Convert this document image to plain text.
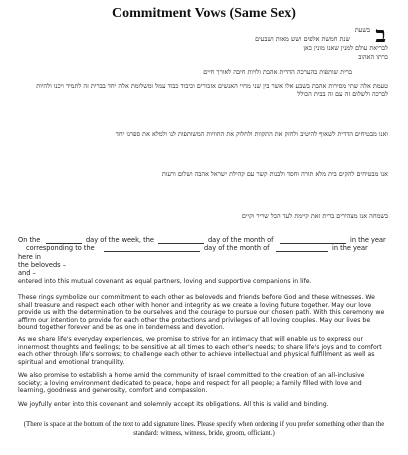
Commitment Vows (Same Sex)
ב
בשעת
שנת חמשת אלפים ושש מאות ושבעים
לבריאת עולם למנין שאנו מונין כאן
כרתו האהוב
ברית שותפות בהערכה הדדית אהבת ולויות חיבה לאורך חיים
טעמת אלה שתי מסירות אהבת בשבע אלו אשר בין שני מחיי האנשים אזכורים וכיבוד כבוד עמל ומשלומת אלה יחד בברית זה לתמיד ויכנו ולהיות לברכה ולשלום זה עם זה בבית הכולל
ואנו מבטיחים הדדית לשאוף להיטיב ולחזק את התקוות ולחלוק את החוויות המשותפות לנו ולמלא את ספרנו יחד
אנו מבטיחים להקים בית מלא תורה וחסד ולבנות קשר עם קהילת ישראל אהבה ושלום ורעות
בשמחה אנו מצהירים ברית זאת קיימת לעד הכל שריר וקיים
On the	day of the week, the	day of the month of	in the year
corresponding to the	day of the month of	in the year
here in
the beloveds –
and –

entered into this mutual covenant as equal partners, loving and supportive companions in life.

These rings symbolize our commitment to each other as beloveds and friends before God and these witnesses. We shall treasure and respect each other with honor and integrity as we create a loving future together. May our love provide us with the determination to be ourselves and the courage to pursue our chosen path. With this ceremony we affirm our intention to provide for each other the protections and privileges of all loving couples. May our lives be bound together forever and be as one in tenderness and devotion.

As we share life's everyday experiences, we promise to strive for an intimacy that will enable us to express our innermost thoughts and feelings; to be sensitive at all times to each other's needs; to share life's joys and to comfort each other through life's sorrows; to challenge each other to achieve intellectual and physical fulfillment as well as spiritual and emotional tranquility.

We also promise to establish a home amid the community of Israel committed to the creation of an all-inclusive society; a loving environment dedicated to peace, hope and respect for all people; a family filled with love and learning, goodness and generosity, comfort and compassion.

We joyfully enter into this covenant and solemnly accept its obligations. All this is valid and binding.

(There is space at the bottom of the text to add signature lines. Please specify when ordering if you prefer something other than the standard: witness, witness, bride, groom, officiant.)
